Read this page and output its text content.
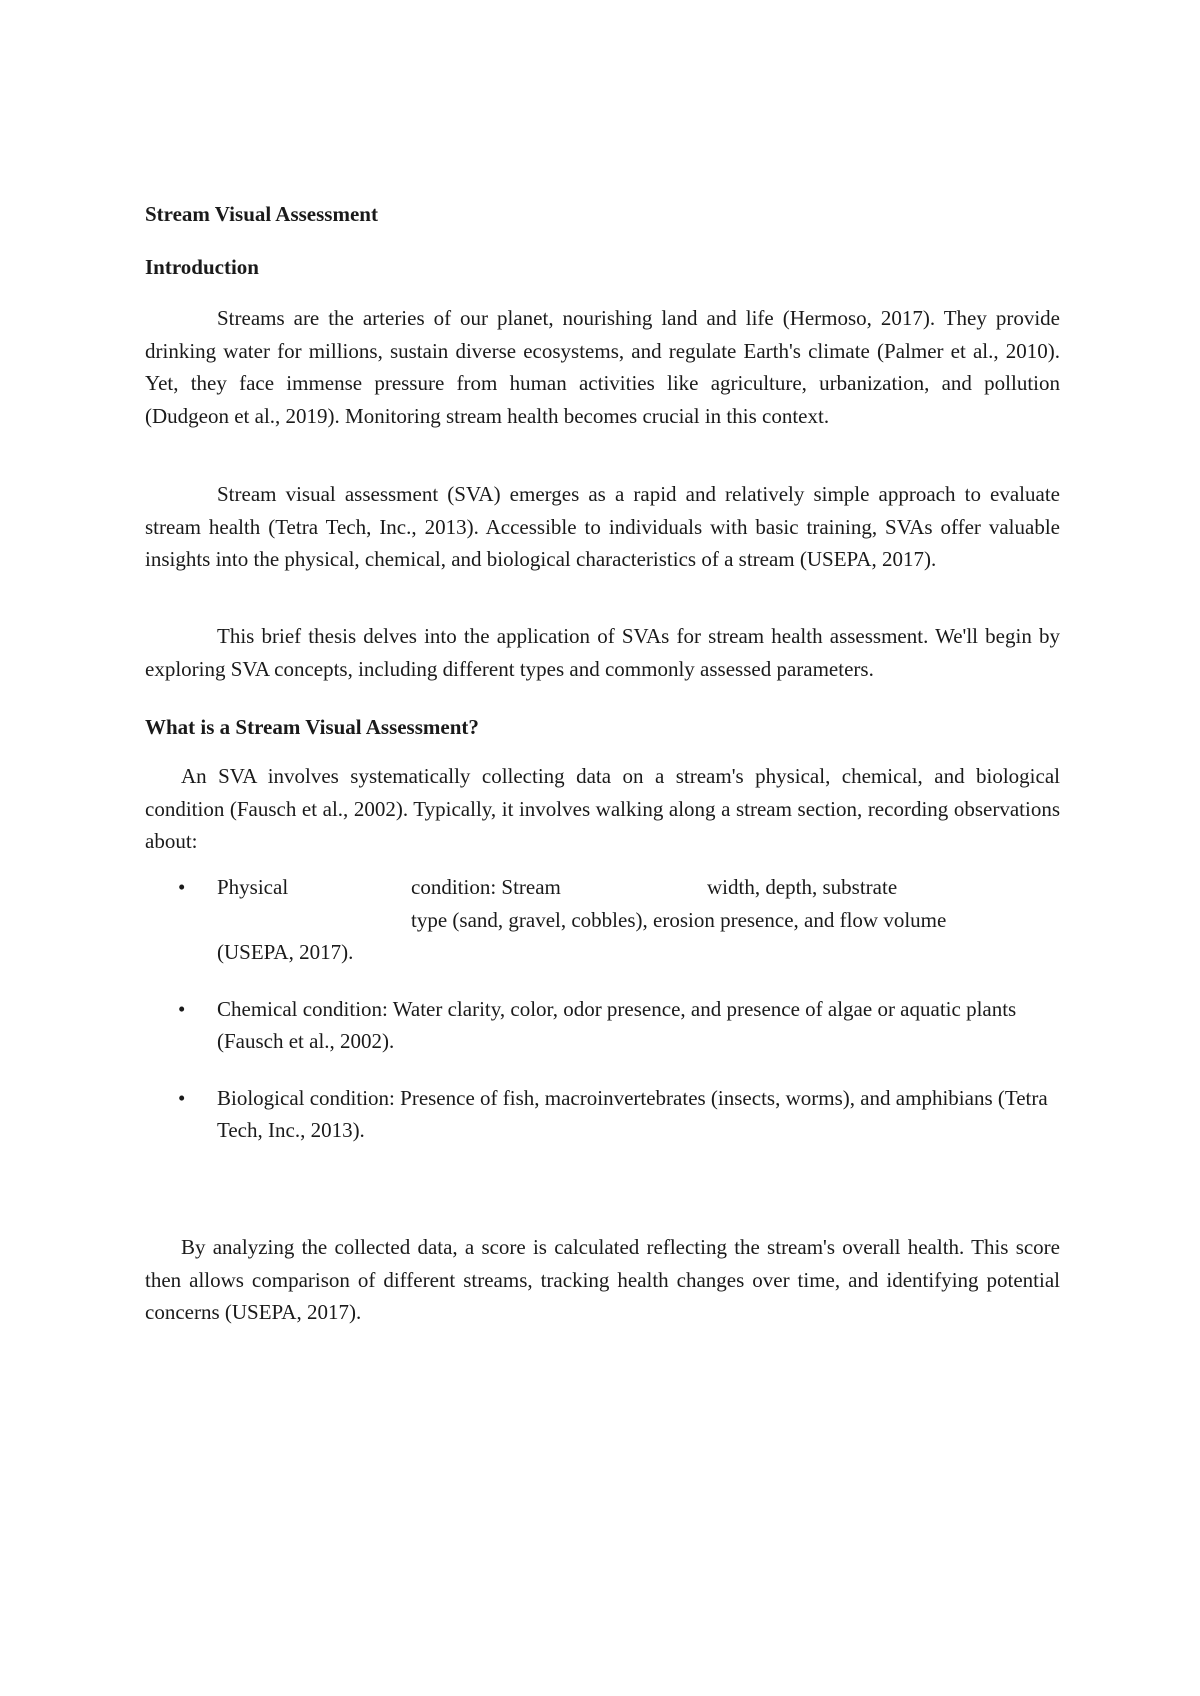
Stream Visual Assessment
Introduction

Streams are the arteries of our planet, nourishing land and life (Hermoso, 2017). They provide drinking water for millions, sustain diverse ecosystems, and regulate Earth's climate (Palmer et al., 2010). Yet, they face immense pressure from human activities like agriculture, urbanization, and pollution (Dudgeon et al., 2019). Monitoring stream health becomes crucial in this context.

Stream visual assessment (SVA) emerges as a rapid and relatively simple approach to evaluate stream health (Tetra Tech, Inc., 2013). Accessible to individuals with basic training, SVAs offer valuable insights into the physical, chemical, and biological characteristics of a stream (USEPA, 2017).

This brief thesis delves into the application of SVAs for stream health assessment. We'll begin by exploring SVA concepts, including different types and commonly assessed parameters.

What is a Stream Visual Assessment?

An SVA involves systematically collecting data on a stream's physical, chemical, and biological condition (Fausch et al., 2002). Typically, it involves walking along a stream section, recording observations about:

• Physical	condition: Stream	width, depth, substrate
type (sand, gravel, cobbles), erosion presence, and flow volume
(USEPA, 2017).
• Chemical condition: Water clarity, color, odor presence, and presence of algae or aquatic plants (Fausch et al., 2002).
• Biological condition: Presence of fish, macroinvertebrates (insects, worms), and amphibians (Tetra Tech, Inc., 2013).

By analyzing the collected data, a score is calculated reflecting the stream's overall health. This score then allows comparison of different streams, tracking health changes over time, and identifying potential concerns (USEPA, 2017).
